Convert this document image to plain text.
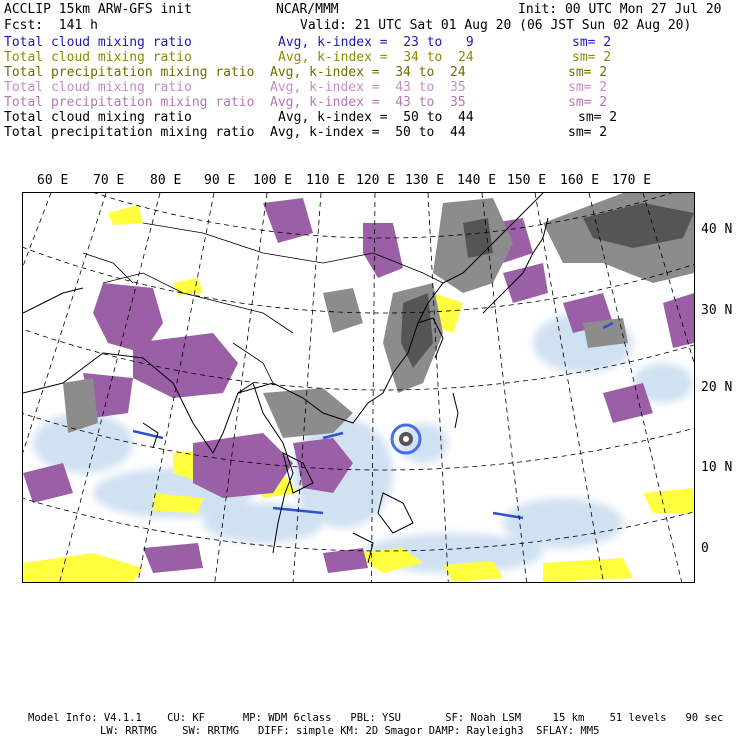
ACCLIP 15km ARW-GFS init	NCAR/MMM	Init: 00 UTC Mon 27 Jul 20
Fcst:  141 h	Valid: 21 UTC Sat 01 Aug 20 (06 JST Sun 02 Aug 20)
Total cloud mixing ratio	Avg, k-index =  23 to   9	sm= 2
Total cloud mixing ratio	Avg, k-index =  34 to  24	sm= 2
Total precipitation mixing ratio Avg, k-index =  34 to  24	sm= 2
Total cloud mixing ratio	Avg, k-index =  43 to  35	sm= 2
Total precipitation mixing ratio Avg, k-index =  43 to  35	sm= 2
Total cloud mixing ratio	Avg, k-index =  50 to  44	sm= 2
Total precipitation mixing ratio Avg, k-index =  50 to  44	sm= 2
60 E 70 E 80 E 90 E 100 E 110 E 120 E 130 E 140 E 150 E 160 E 170 E
40 N
30 N
20 N
10 N
0
Model Info: V4.1.1    CU: KF      MP: WDM 6class   PBL: YSU       SF: Noah LSM     15 km    51 levels   90 sec
LW: RRTMG    SW: RRTMG   DIFF: simple KM: 2D Smagor DAMP: Rayleigh3  SFLAY: MM5
